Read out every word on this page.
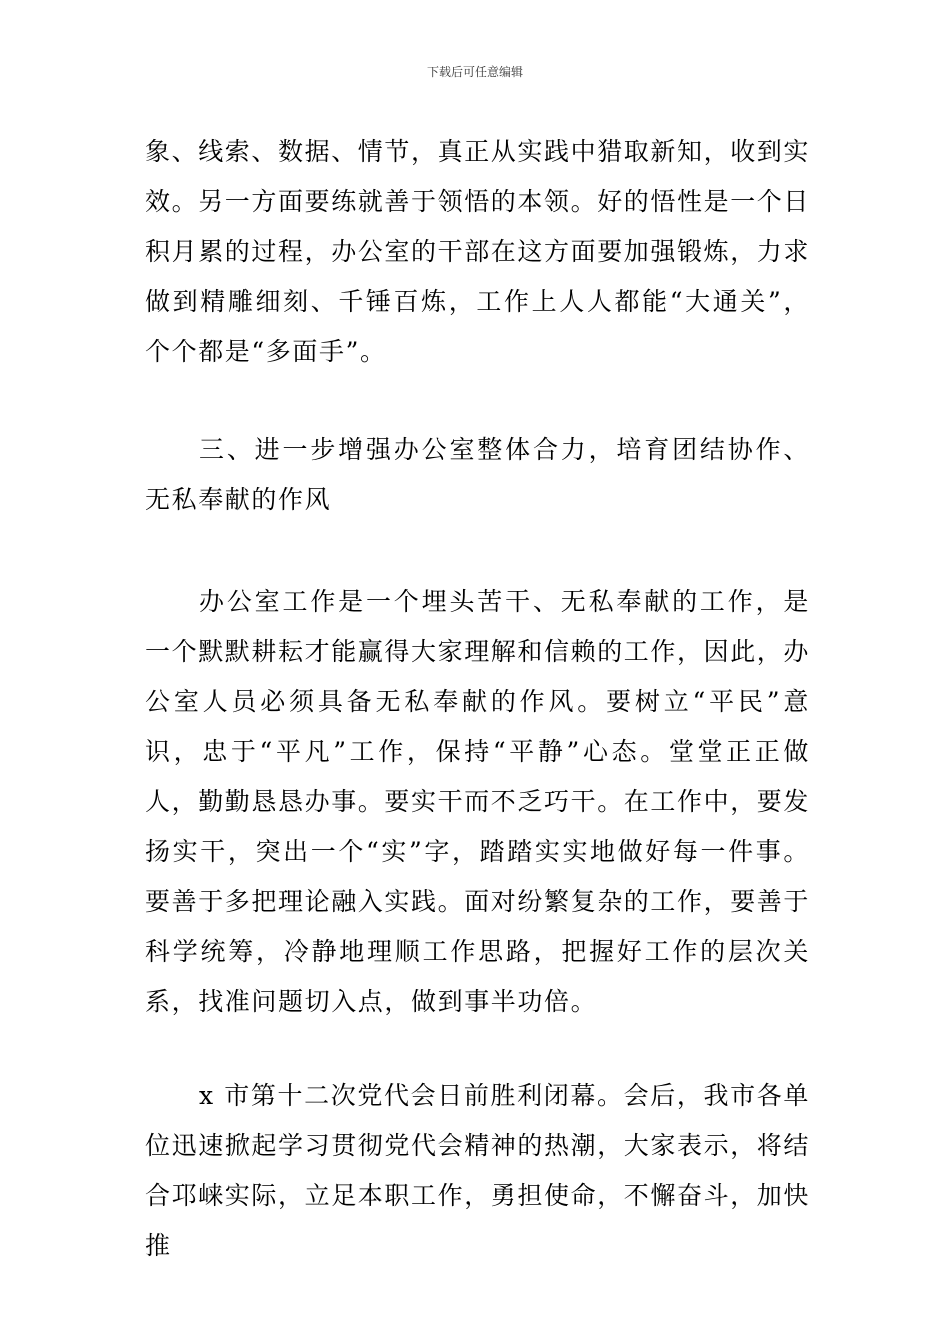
下载后可任意编辑

象、线索、数据、情节，真正从实践中猎取新知，收到实效。另一方面要练就善于领悟的本领。好的悟性是一个日积月累的过程，办公室的干部在这方面要加强锻炼，力求做到精雕细刻、千锤百炼，工作上人人都能“大通关”，个个都是“多面手”。

三、进一步增强办公室整体合力，培育团结协作、无私奉献的作风

办公室工作是一个埋头苦干、无私奉献的工作，是一个默默耕耘才能赢得大家理解和信赖的工作，因此，办公室人员必须具备无私奉献的作风。要树立“平民”意识，忠于“平凡”工作，保持“平静”心态。堂堂正正做人，勤勤恳恳办事。要实干而不乏巧干。在工作中，要发扬实干，突出一个“实”字，踏踏实实地做好每一件事。要善于多把理论融入实践。面对纷繁复杂的工作，要善于科学统筹，冷静地理顺工作思路，把握好工作的层次关系，找准问题切入点，做到事半功倍。

x 市第十二次党代会日前胜利闭幕。会后，我市各单位迅速掀起学习贯彻党代会精神的热潮，大家表示，将结合邛崃实际，立足本职工作，勇担使命，不懈奋斗，加快推
